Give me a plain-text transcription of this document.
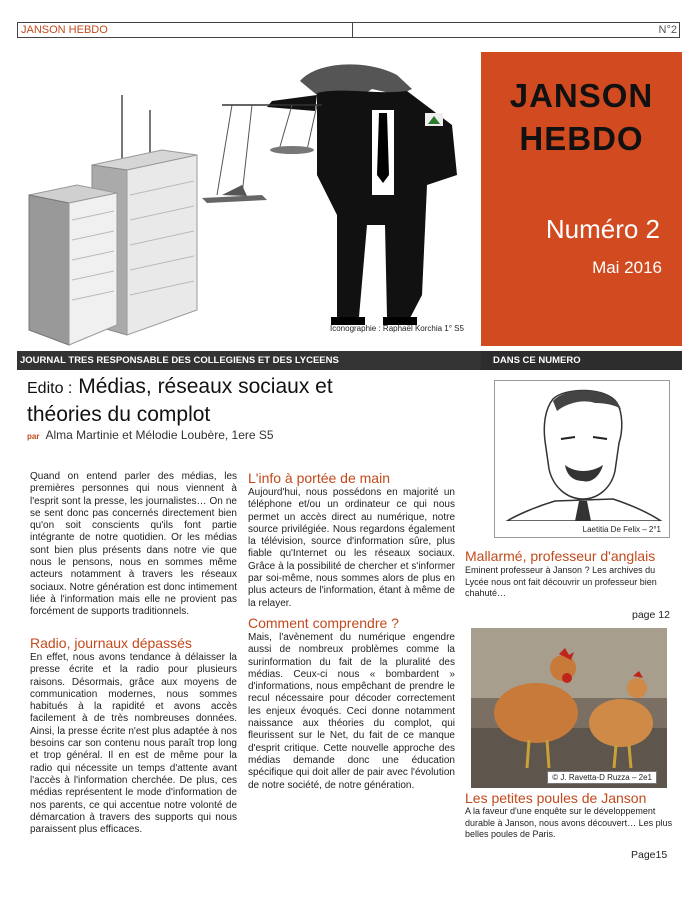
JANSON HEBDO	N°2
Iconographie : Raphaël Korchia 1° S5
JANSON
HEBDO
Numéro 2
Mai 2016
JOURNAL TRES RESPONSABLE DES COLLEGIENS ET DES LYCEENS	DANS CE NUMERO
Edito : Médias, réseaux sociaux et
théories du complot
par Alma Martinie et Mélodie Loubère, 1ere S5
Quand on entend parler des médias, les premières personnes qui nous viennent à l'esprit sont la presse, les journalistes… On ne se sent donc pas concernés directement bien qu'on soit conscients qu'ils font partie intégrante de notre quotidien. Or les médias sont bien plus présents dans notre vie que nous le pensons, nous en sommes même acteurs notamment à travers les réseaux sociaux. Notre génération est donc intimement liée à l'information mais elle ne provient pas forcément de supports traditionnels.
Radio, journaux dépassés
En effet, nous avons tendance à délaisser la presse écrite et la radio pour plusieurs raisons. Désormais, grâce aux moyens de communication modernes, nous sommes habitués à la rapidité et avons accès facilement à de très nombreuses données. Ainsi, la presse écrite n'est plus adaptée à nos besoins car son contenu nous paraît trop long et trop général. Il en est de même pour la radio qui nécessite un temps d'attente avant l'accès à l'information cherchée. De plus, ces médias représentent le mode d'information de nos parents, ce qui accentue notre volonté de démarcation à travers des supports qui nous paraissent plus efficaces.
L'info à portée de main
Aujourd'hui, nous possédons en majorité un téléphone et/ou un ordinateur ce qui nous permet un accès direct au numérique, notre source privilégiée. Nous regardons également la télévision, source d'information sûre, plus fiable qu'Internet ou les réseaux sociaux. Grâce à la possibilité de chercher et s'informer par soi-même, nous sommes alors de plus en plus acteurs de l'information, étant à même de la relayer.
Comment comprendre ?
Mais, l'avènement du numérique engendre aussi de nombreux problèmes comme la surinformation du fait de la pluralité des médias. Ceux-ci nous « bombardent » d'informations, nous empêchant de prendre le recul nécessaire pour décoder correctement les enjeux évoqués. Ceci donne notamment naissance aux théories du complot, qui fleurissent sur le Net, du fait de ce manque d'esprit critique. Cette nouvelle approche des médias demande donc une éducation spécifique qui doit aller de pair avec l'évolution de notre société, de notre génération.
Laetitia De Felix – 2°1
Mallarmé, professeur d'anglais
Eminent professeur à Janson ? Les archives du Lycée nous ont fait découvrir un professeur bien chahuté…
page 12
© J. Ravetta-D Ruzza – 2e1
Les petites poules de Janson
A la faveur d'une enquête sur le développement durable à Janson, nous avons découvert… Les plus belles poules de Paris.
Page15
